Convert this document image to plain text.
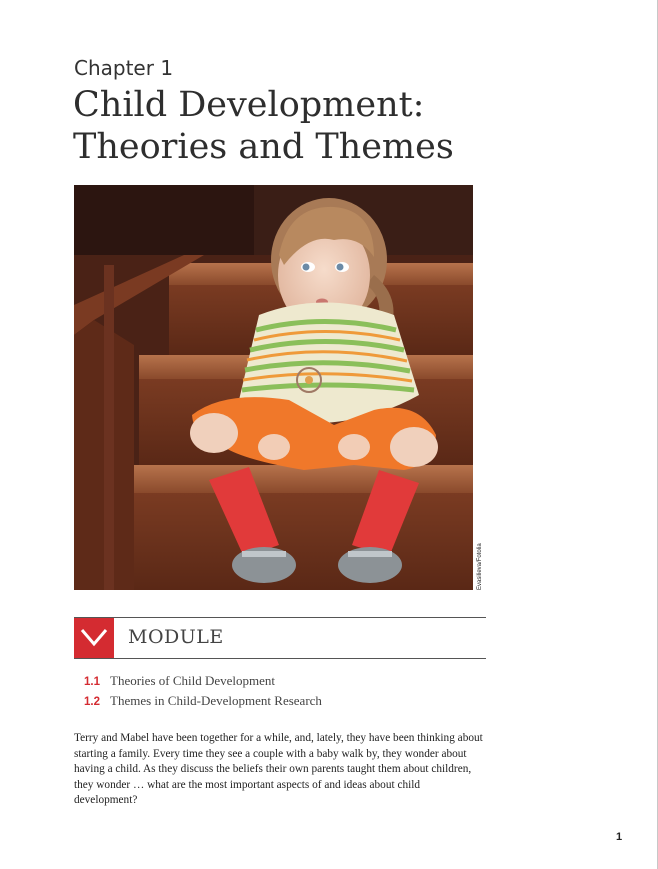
Chapter 1
Child Development:
Theories and Themes
Evasilieva/Fotolia
MODULE
1.1 Theories of Child Development
1.2 Themes in Child-Development Research

Terry and Mabel have been together for a while, and, lately, they have been thinking about starting a family. Every time they see a couple with a baby walk by, they wonder about having a child. As they discuss the beliefs their own parents taught them about children, they wonder … what are the most important aspects of and ideas about child development?

1
